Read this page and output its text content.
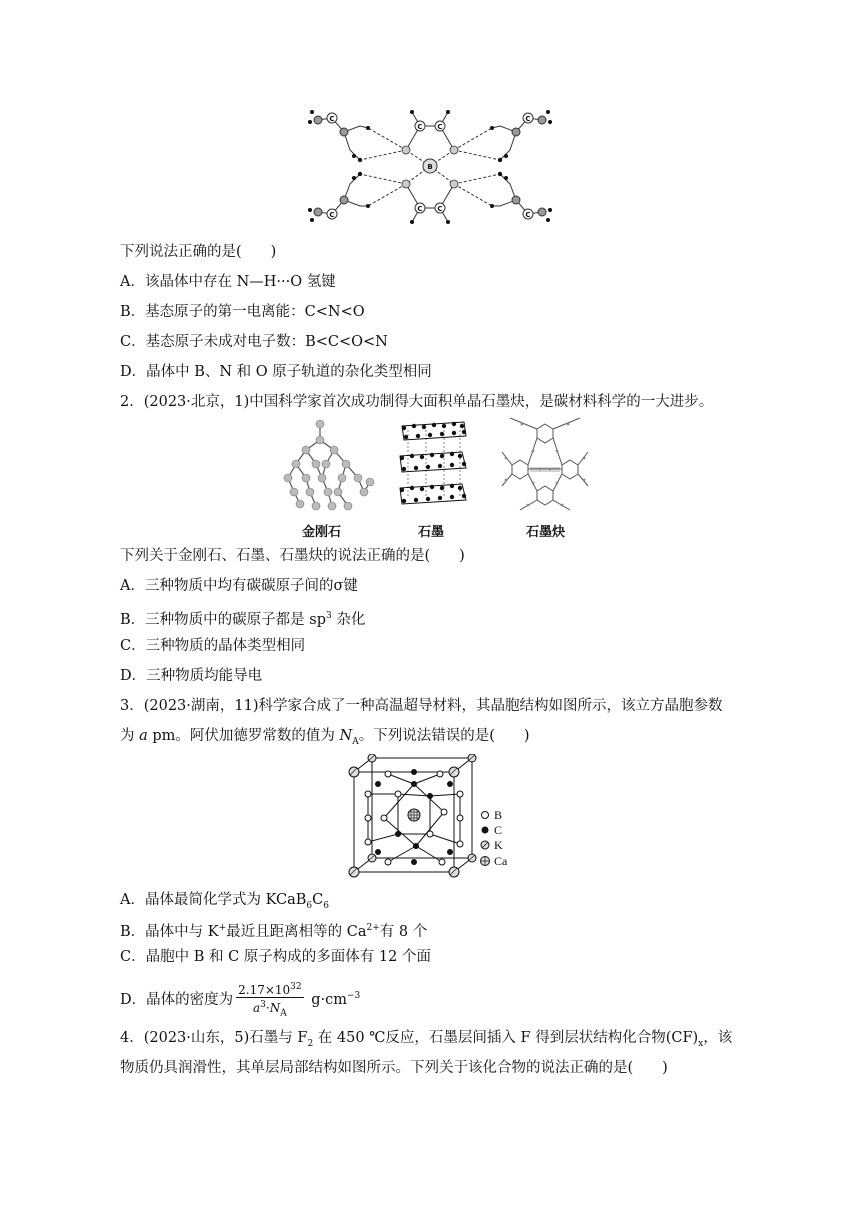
B
C
C
C
C
C C
C C
下列说法正确的是(　　)
A．该晶体中存在 N—H···O 氢键
B．基态原子的第一电离能：C<N<O
C．基态原子未成对电子数：B<C<O<N
D．晶体中 B、N 和 O 原子轨道的杂化类型相同
2．(2023·北京，1)中国科学家首次成功制得大面积单晶石墨炔，是碳材料科学的一大进步。
金刚石	石墨	石墨炔
下列关于金刚石、石墨、石墨炔的说法正确的是(　　)
A．三种物质中均有碳碳原子间的σ键
B．三种物质中的碳原子都是 $sp^3$ 杂化
C．三种物质的晶体类型相同
D．三种物质均能导电
3．(2023·湖南，11)科学家合成了一种高温超导材料，其晶胞结构如图所示，该立方晶胞参数
为 a pm。阿伏加德罗常数的值为 $N_A$。下列说法错误的是(　　)
B
C
K
Ca
A．晶体最简化学式为 $KCaB_6C_6$
B．晶体中与 K+最近且距离相等的 $Ca^{2+}$有 8 个
C．晶胞中 B 和 C 原子构成的多面体有 12 个面
D．晶体的密度为 $\frac{2.17\times 10^{32}}{a^3\cdot N_A} g\cdot cm^{-3}$
4．(2023·山东，5)石墨与 $F_2$ 在 450 ℃反应，石墨层间插入 F 得到层状结构化合物$(CF)_x$，该
物质仍具润滑性，其单层局部结构如图所示。下列关于该化合物的说法正确的是(　　)
